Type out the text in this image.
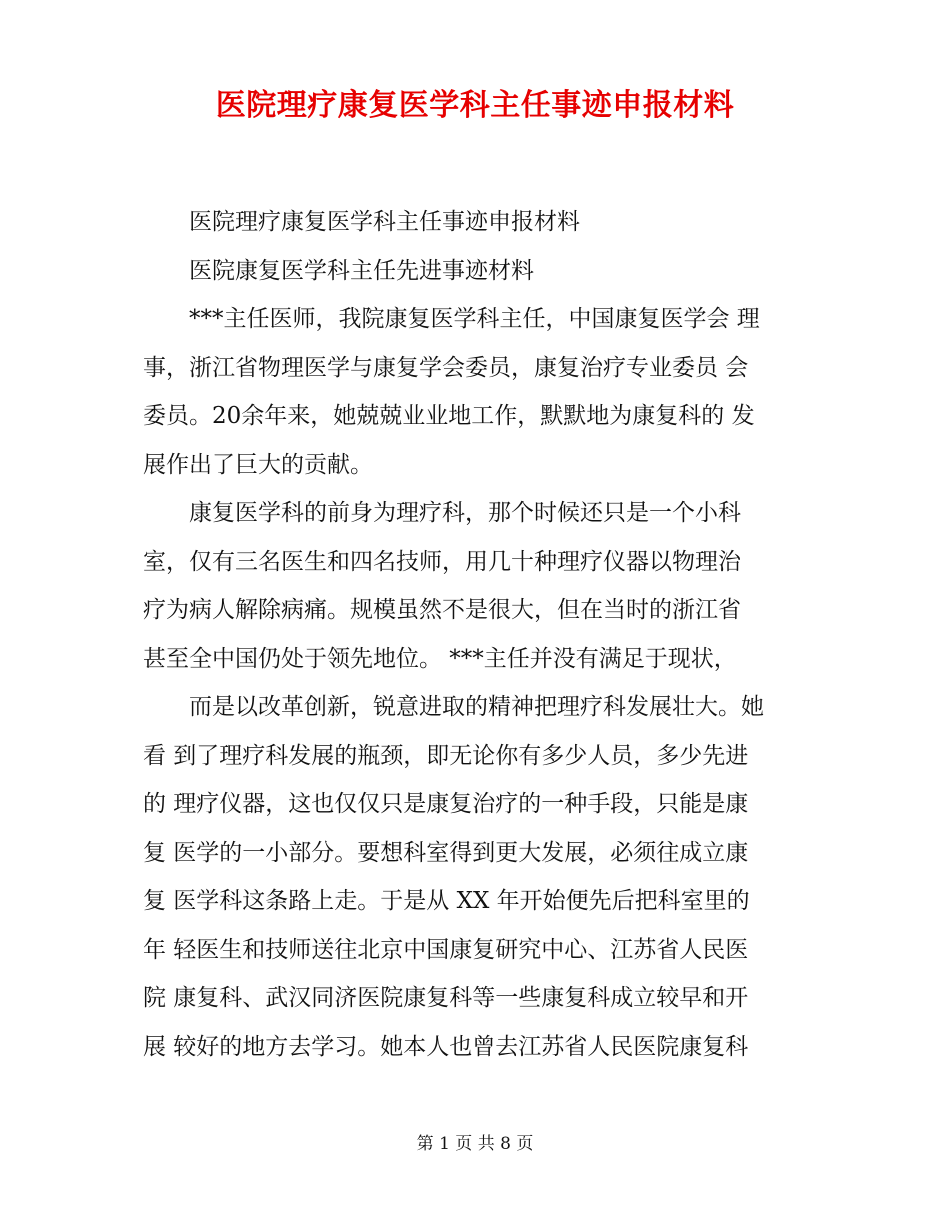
医院理疗康复医学科主任事迹申报材料
医院理疗康复医学科主任事迹申报材料
医院康复医学科主任先进事迹材料
***主任医师，我院康复医学科主任，中国康复医学会 理
事，浙江省物理医学与康复学会委员，康复治疗专业委员 会
委员。20余年来，她兢兢业业地工作，默默地为康复科的 发
展作出了巨大的贡献。
康复医学科的前身为理疗科，那个时候还只是一个小科
室，仅有三名医生和四名技师，用几十种理疗仪器以物理治
疗为病人解除病痛。规模虽然不是很大，但在当时的浙江省
甚至全中国仍处于领先地位。 ***主任并没有满足于现状，
而是以改革创新，锐意进取的精神把理疗科发展壮大。她
看 到了理疗科发展的瓶颈，即无论你有多少人员，多少先进
的 理疗仪器，这也仅仅只是康复治疗的一种手段，只能是康
复 医学的一小部分。要想科室得到更大发展，必须往成立康
复 医学科这条路上走。于是从 XX 年开始便先后把科室里的
年 轻医生和技师送往北京中国康复研究中心、江苏省人民医
院 康复科、武汉同济医院康复科等一些康复科成立较早和开
展 较好的地方去学习。她本人也曾去江苏省人民医院康复科
第 1 页 共 8 页
